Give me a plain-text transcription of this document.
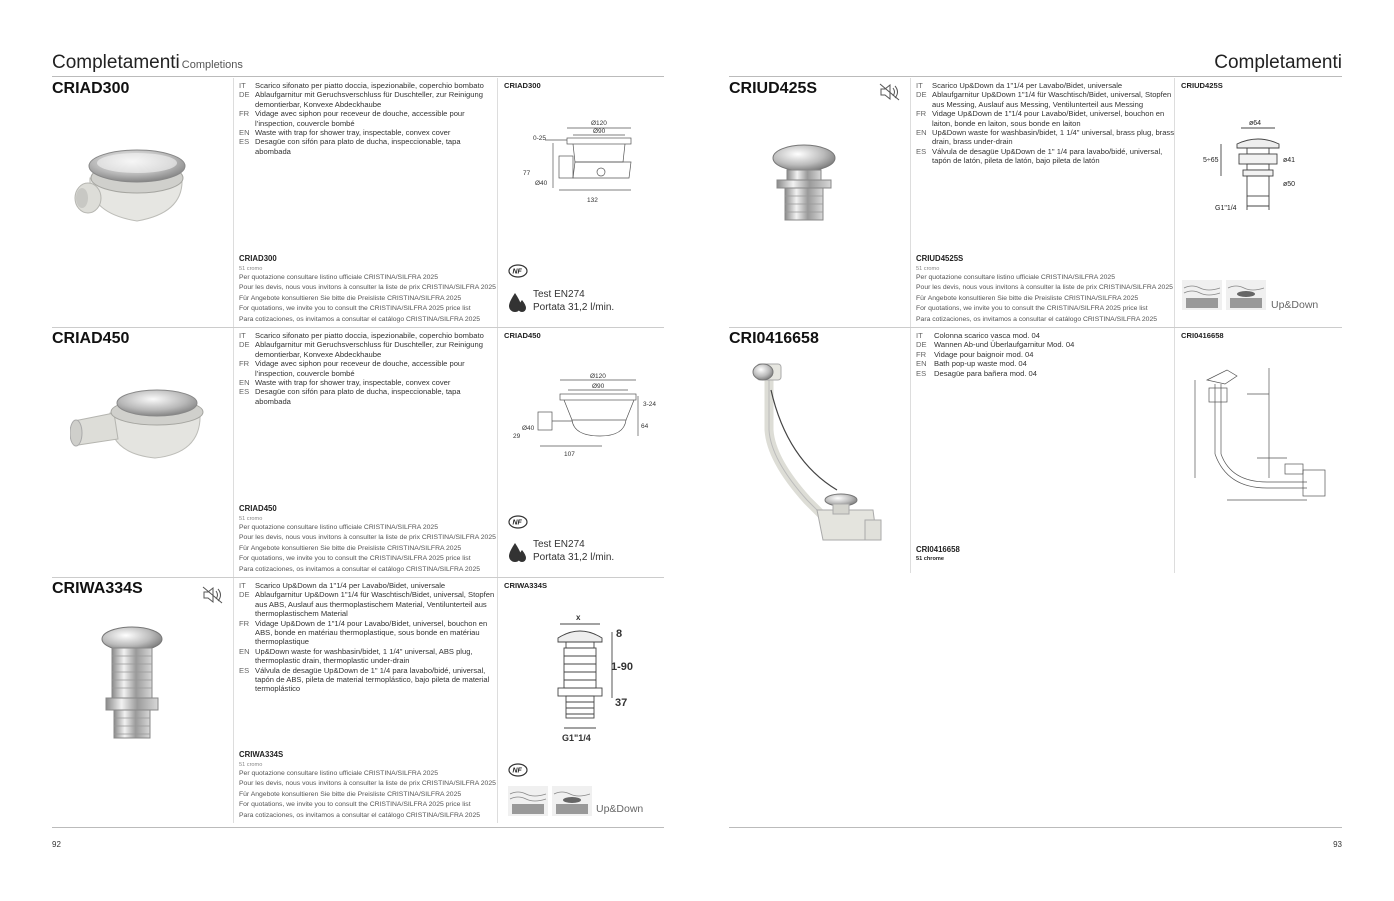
Completamenti Completions
CRIAD300	IT	Scarico sifonato per piatto doccia, ispezionabile, coperchio bombato
DE Ablaufgarnitur mit Geruchsverschluss für Duschteller, zur Reinigung demontierbar, Konvexe Abdeckhaube
FR Vidage avec siphon pour receveur de douche, accessible pour l’inspection, couvercle bombé
EN Waste with trap for shower tray, inspectable, convex cover
ES Desagüe con sifón para plato de ducha, inspeccionable, tapa abombada
CRIAD300
51 cromo
Per quotazione consultare listino ufficiale CRISTINA/SILFRA 2025
Pour les devis, nous vous invitons à consulter la liste de prix CRISTINA/SILFRA 2025
Für Angebote konsultieren Sie bitte die Preisliste CRISTINA/SILFRA 2025
For quotations, we invite you to consult the CRISTINA/SILFRA 2025 price list
Para cotizaciones, os invitamos a consultar el catálogo CRISTINA/SILFRA 2025
CRIAD300
Ø120
Ø90
0-25
77
Ø40
132
NF
Test EN274
Portata 31,2 l/min.
CRIAD450	IT	Scarico sifonato per piatto doccia, ispezionabile, coperchio bombato
DE Ablaufgarnitur mit Geruchsverschluss für Duschteller, zur Reinigung demontierbar, Konvexe Abdeckhaube
FR Vidage avec siphon pour receveur de douche, accessible pour l’inspection, couvercle bombé
EN Waste with trap for shower tray, inspectable, convex cover
ES Desagüe con sifón para plato de ducha, inspeccionable, tapa abombada
CRIAD450
51 cromo
Per quotazione consultare listino ufficiale CRISTINA/SILFRA 2025
Pour les devis, nous vous invitons à consulter la liste de prix CRISTINA/SILFRA 2025
Für Angebote konsultieren Sie bitte die Preisliste CRISTINA/SILFRA 2025
For quotations, we invite you to consult the CRISTINA/SILFRA 2025 price list
Para cotizaciones, os invitamos a consultar el catálogo CRISTINA/SILFRA 2025
CRIAD450
Ø120
Ø90
3-24
64
Ø40
29
107
NF
Test EN274
Portata 31,2 l/min.
CRIWA334S	IT	Scarico Up&Down da 1"1/4 per Lavabo/Bidet, universale
DE Ablaufgarnitur Up&Down 1"1/4 für Waschtisch/Bidet, universal, Stopfen aus ABS, Auslauf aus thermoplastischem Material, Ventilunterteil aus thermoplastischem Material
FR Vidage Up&Down de 1"1/4 pour Lavabo/Bidet, universel, bouchon en ABS, bonde en matériau thermoplastique, sous bonde en matériau thermoplastique
EN Up&Down waste for washbasin/bidet, 1 1/4" universal, ABS plug, thermoplastic drain, thermoplastic under-drain
ES Válvula de desagüe Up&Down de 1" 1/4 para lavabo/bidé, universal, tapón de ABS, pileta de material termoplástico, bajo pileta de material termoplástico
CRIWA334S
51 cromo
Per quotazione consultare listino ufficiale CRISTINA/SILFRA 2025
Pour les devis, nous vous invitons à consulter la liste de prix CRISTINA/SILFRA 2025
Für Angebote konsultieren Sie bitte die Preisliste CRISTINA/SILFRA 2025
For quotations, we invite you to consult the CRISTINA/SILFRA 2025 price list
Para cotizaciones, os invitamos a consultar el catálogo CRISTINA/SILFRA 2025
CRIWA334S
x
8
1-90
37
G1"1/4
NF
Up&Down
92
Completamenti
CRIUD425S	IT	Scarico Up&Down da 1"1/4 per Lavabo/Bidet, universale
DE Ablaufgarnitur Up&Down 1"1/4 für Waschtisch/Bidet, universal, Stopfen aus Messing, Auslauf aus Messing, Ventilunterteil aus Messing
FR Vidage Up&Down de 1"1/4 pour Lavabo/Bidet, universel, bouchon en laiton, bonde en laiton, sous bonde en laiton
EN Up&Down waste for washbasin/bidet, 1 1/4" universal, brass plug, brass drain, brass under-drain
ES Válvula de desagüe Up&Down de 1" 1/4 para lavabo/bidé, universal, tapón de latón, pileta de latón, bajo pileta de latón
CRIUD4525S
51 cromo
Per quotazione consultare listino ufficiale CRISTINA/SILFRA 2025
Pour les devis, nous vous invitons à consulter la liste de prix CRISTINA/SILFRA 2025
Für Angebote konsultieren Sie bitte die Preisliste CRISTINA/SILFRA 2025
For quotations, we invite you to consult the CRISTINA/SILFRA 2025 price list
Para cotizaciones, os invitamos a consultar el catálogo CRISTINA/SILFRA 2025
CRIUD425S
ø64
5÷65	ø41
ø50
G1"1/4
Up&Down
CRI0416658	IT	Colonna scarico vasca mod. 04
DE Wannen Ab-und Überlaufgarnitur Mod. 04
FR	Vidage pour baignoir mod. 04
EN Bath pop-up waste mod. 04
ES	Desagüe para bañera mod. 04
CRI0416658
51 chrome
CRI0416658
93
